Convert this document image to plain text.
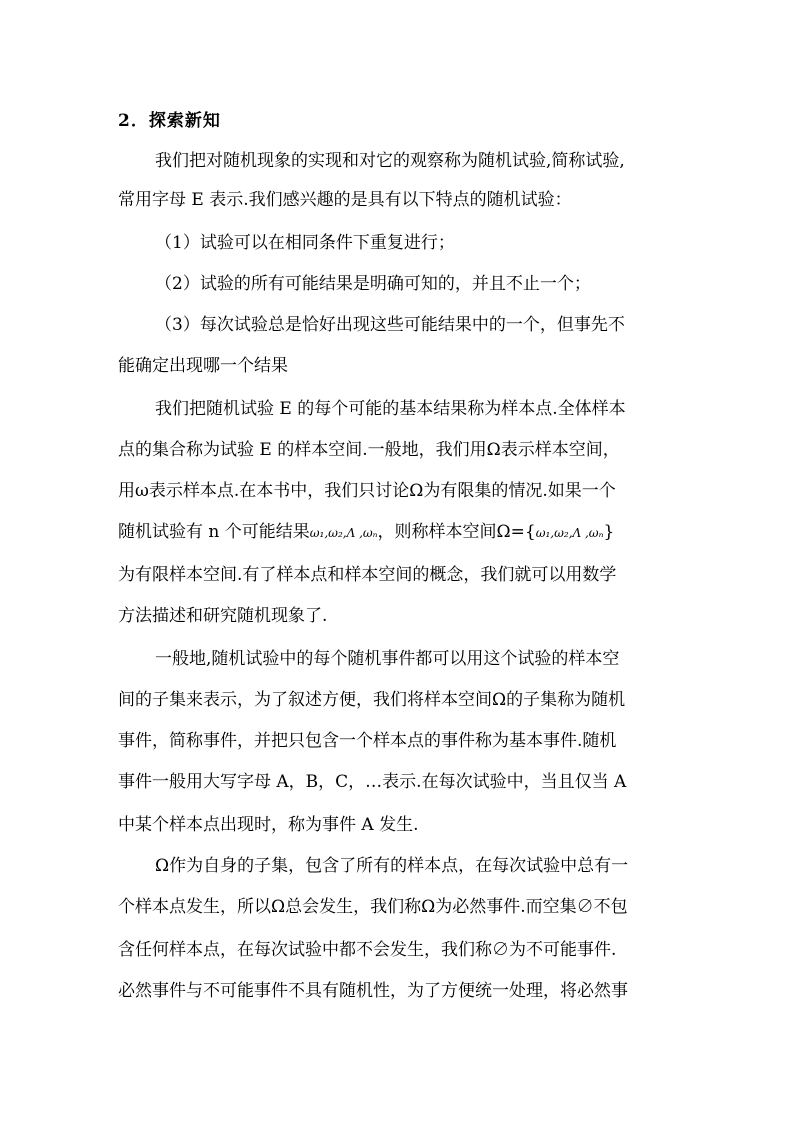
2．探索新知
我们把对随机现象的实现和对它的观察称为随机试验,简称试验,
常用字母 E 表示.我们感兴趣的是具有以下特点的随机试验：
（1）试验可以在相同条件下重复进行；
（2）试验的所有可能结果是明确可知的，并且不止一个；
（3）每次试验总是恰好出现这些可能结果中的一个，但事先不
能确定出现哪一个结果
我们把随机试验 E 的每个可能的基本结果称为样本点.全体样本
点的集合称为试验 E 的样本空间.一般地，我们用Ω表示样本空间，
用ω表示样本点.在本书中，我们只讨论Ω为有限集的情况.如果一个
随机试验有 n 个可能结果ω₁,ω₂,Λ ,ωₙ，则称样本空间Ω={ω₁,ω₂,Λ ,ωₙ}
为有限样本空间.有了样本点和样本空间的概念，我们就可以用数学
方法描述和研究随机现象了.
一般地,随机试验中的每个随机事件都可以用这个试验的样本空
间的子集来表示，为了叙述方便，我们将样本空间Ω的子集称为随机
事件，简称事件，并把只包含一个样本点的事件称为基本事件.随机
事件一般用大写字母 A，B，C，…表示.在每次试验中，当且仅当 A
中某个样本点出现时，称为事件 A 发生.
Ω作为自身的子集，包含了所有的样本点，在每次试验中总有一
个样本点发生，所以Ω总会发生，我们称Ω为必然事件.而空集∅不包
含任何样本点，在每次试验中都不会发生，我们称∅为不可能事件.
必然事件与不可能事件不具有随机性，为了方便统一处理，将必然事
